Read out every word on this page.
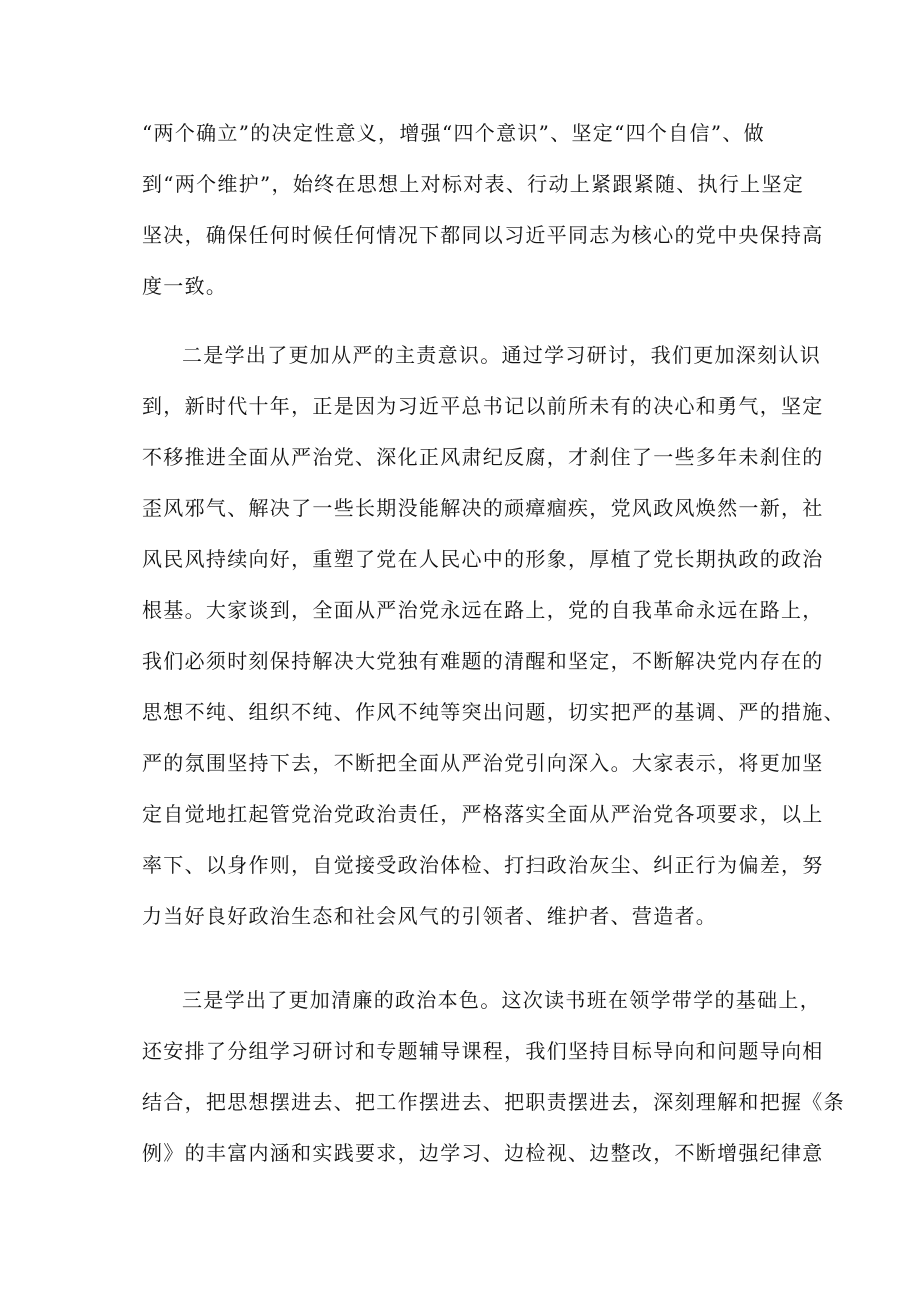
“两个确立”的决定性意义，增强“四个意识”、坚定“四个自信”、做
到“两个维护”，始终在思想上对标对表、行动上紧跟紧随、执行上坚定
坚决，确保任何时候任何情况下都同以习近平同志为核心的党中央保持高
度一致。
二是学出了更加从严的主责意识。通过学习研讨，我们更加深刻认识
到，新时代十年，正是因为习近平总书记以前所未有的决心和勇气，坚定
不移推进全面从严治党、深化正风肃纪反腐，才刹住了一些多年未刹住的
歪风邪气、解决了一些长期没能解决的顽瘴痼疾，党风政风焕然一新，社
风民风持续向好，重塑了党在人民心中的形象，厚植了党长期执政的政治
根基。大家谈到，全面从严治党永远在路上，党的自我革命永远在路上，
我们必须时刻保持解决大党独有难题的清醒和坚定，不断解决党内存在的
思想不纯、组织不纯、作风不纯等突出问题，切实把严的基调、严的措施、
严的氛围坚持下去，不断把全面从严治党引向深入。大家表示，将更加坚
定自觉地扛起管党治党政治责任，严格落实全面从严治党各项要求，以上
率下、以身作则，自觉接受政治体检、打扫政治灰尘、纠正行为偏差，努
力当好良好政治生态和社会风气的引领者、维护者、营造者。
三是学出了更加清廉的政治本色。这次读书班在领学带学的基础上，
还安排了分组学习研讨和专题辅导课程，我们坚持目标导向和问题导向相
结合，把思想摆进去、把工作摆进去、把职责摆进去，深刻理解和把握《条
例》的丰富内涵和实践要求，边学习、边检视、边整改，不断增强纪律意
